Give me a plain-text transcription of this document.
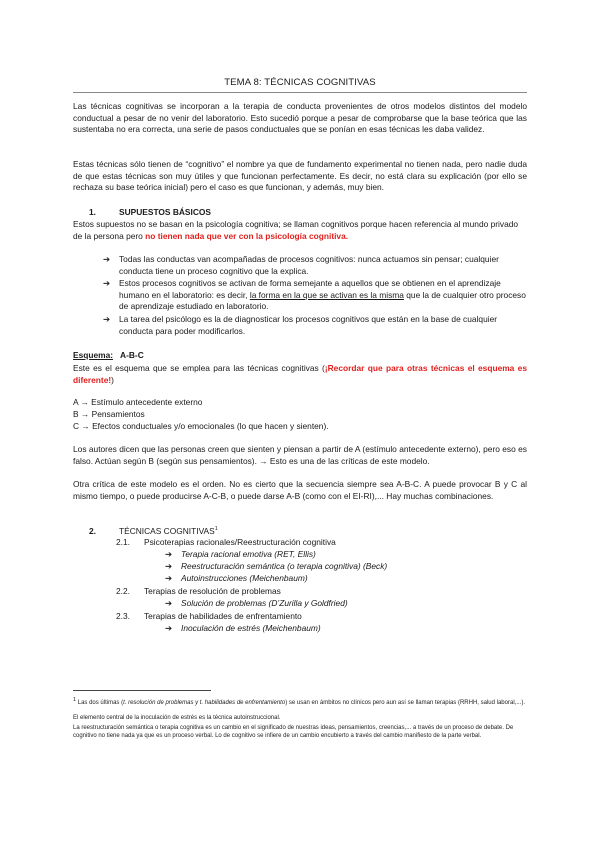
TEMA 8: TÉCNICAS COGNITIVAS
Las técnicas cognitivas se incorporan a la terapia de conducta provenientes de otros modelos distintos del modelo conductual a pesar de no venir del laboratorio. Esto sucedió porque a pesar de comprobarse que la base teórica que las sustentaba no era correcta, una serie de pasos conductuales que se ponían en esas técnicas les daba validez.
Estas técnicas sólo tienen de “cognitivo” el nombre ya que de fundamento experimental no tienen nada, pero nadie duda de que estas técnicas son muy útiles y que funcionan perfectamente. Es decir, no está clara su explicación (por ello se rechaza su base teórica inicial) pero el caso es que funcionan, y además, muy bien.
1.	SUPUESTOS BÁSICOS
Estos supuestos no se basan en la psicología cognitiva; se llaman cognitivos porque hacen referencia al mundo privado de la persona pero no tienen nada que ver con la psicología cognitiva.
➔ Todas las conductas van acompañadas de procesos cognitivos: nunca actuamos sin pensar; cualquier conducta tiene un proceso cognitivo que la explica.
➔ Estos procesos cognitivos se activan de forma semejante a aquellos que se obtienen en el aprendizaje humano en el laboratorio: es decir, la forma en la que se activan es la misma que la de cualquier otro proceso de aprendizaje estudiado en laboratorio.
➔ La tarea del psicólogo es la de diagnosticar los procesos cognitivos que están en la base de cualquier conducta para poder modificarlos.
Esquema: A-B-C
Este es el esquema que se emplea para las técnicas cognitivas (¡Recordar que para otras técnicas el esquema es diferente!)
A → Estímulo antecedente externo
B → Pensamientos
C → Efectos conductuales y/o emocionales (lo que hacen y sienten).
Los autores dicen que las personas creen que sienten y piensan a partir de A (estímulo antecedente externo), pero eso es falso. Actúan según B (según sus pensamientos). → Esto es una de las críticas de este modelo.
Otra crítica de este modelo es el orden. No es cierto que la secuencia siempre sea A-B-C. A puede provocar B y C al mismo tiempo, o puede producirse A-C-B, o puede darse A-B (como con el EI-RI),... Hay muchas combinaciones.
2.	TÉCNICAS COGNITIVAS$^1$
2.1. Psicoterapias racionales/Reestructuración cognitiva
➔ Terapia racional emotiva (RET, Ellis)
➔ Reestructuración semántica (o terapia cognitiva) (Beck)
➔ Autoinstrucciones (Meichenbaum)
2.2. Terapias de resolución de problemas
➔ Solución de problemas (D’Zurilla y Goldfried)
2.3. Terapias de habilidades de enfrentamiento
➔ Inoculación de estrés (Meichenbaum)
$^1$ Las dos últimas (t. resolución de problemas y t. habilidades de enfrentamiento) se usan en ámbitos no clínicos pero aun así se llaman terapias (RRHH, salud laboral,...).
El elemento central de la inoculación de estrés es la técnica autoinstruccional.
La reestructuración semántica o terapia cognitiva es un cambio en el significado de nuestras ideas, pensamientos, creencias,... a través de un proceso de debate. De cognitivo no tiene nada ya que es un proceso verbal. Lo de cognitivo se infiere de un cambio encubierto a través del cambio manifiesto de la parte verbal.
